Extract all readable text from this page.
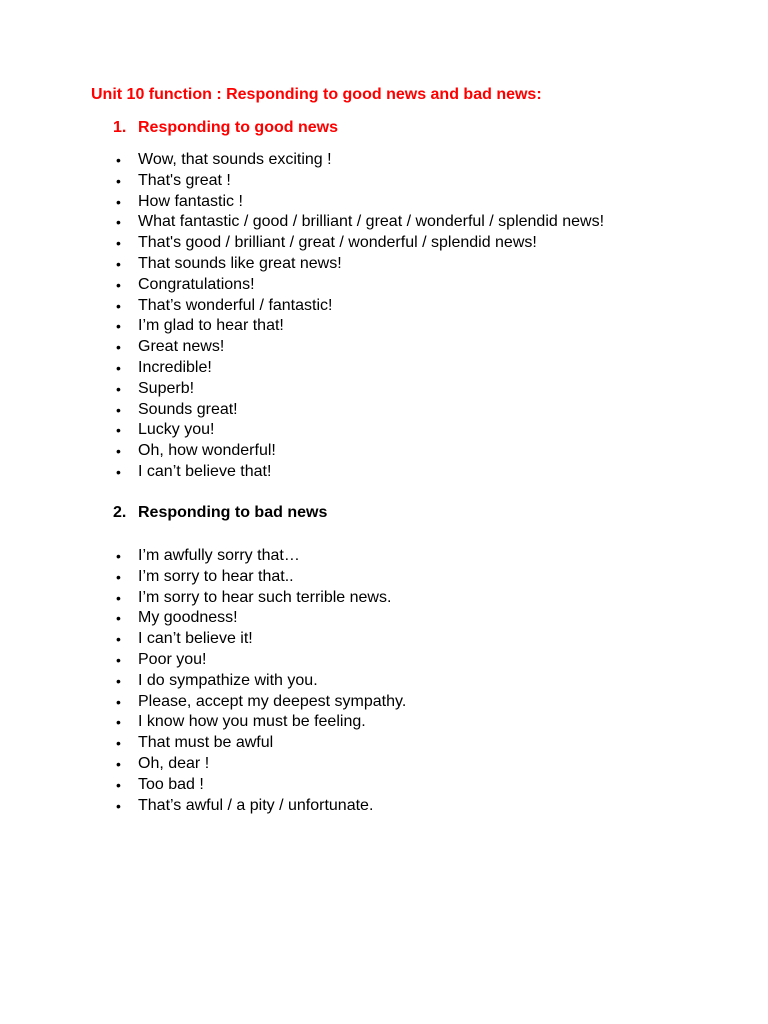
Unit 10 function : Responding to good news and bad news:
1. Responding to good news
• Wow, that sounds exciting !
• That's great !
• How fantastic !
• What fantastic / good / brilliant / great / wonderful / splendid news!
• That's good / brilliant / great / wonderful / splendid news!
• That sounds like great news!
• Congratulations!
• That’s wonderful / fantastic!
• I’m glad to hear that!
• Great news!
• Incredible!
• Superb!
• Sounds great!
• Lucky you!
• Oh, how wonderful!
• I can’t believe that!
2. Responding to bad news
• I’m awfully sorry that…
• I’m sorry to hear that..
• I’m sorry to hear such terrible news.
• My goodness!
• I can’t believe it!
• Poor you!
• I do sympathize with you.
• Please, accept my deepest sympathy.
• I know how you must be feeling.
• That must be awful
• Oh, dear !
• Too bad !
• That’s awful / a pity / unfortunate.
